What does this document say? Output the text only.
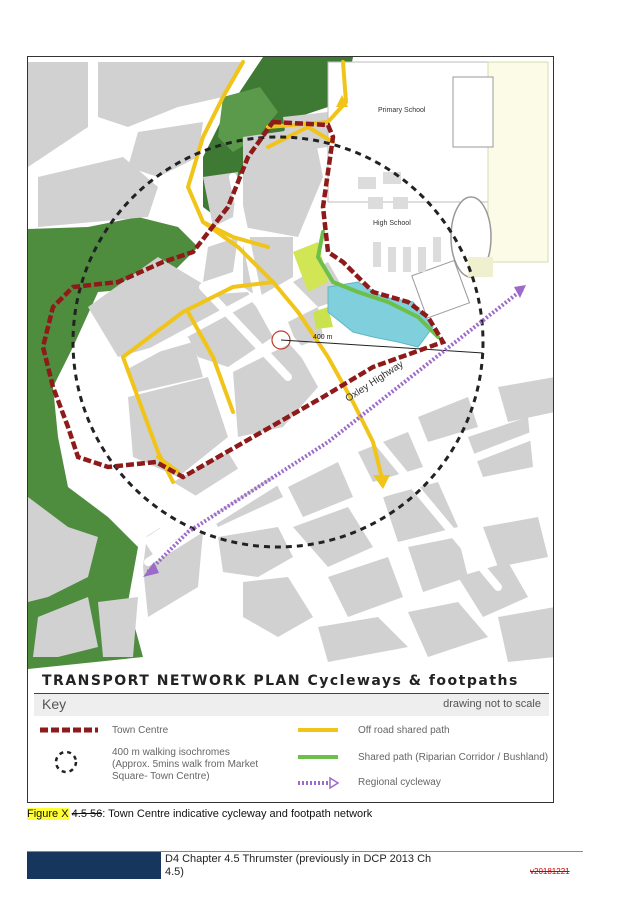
Primary School
High School
400 m
Oxley Highway
TRANSPORT NETWORK PLAN Cycleways & footpaths
Key	drawing not to scale
Town Centre
400 m walking isochromes (Approx. 5mins walk from Market Square- Town Centre)
Off road shared path
Shared path (Riparian Corridor / Bushland)
Regional cycleway
Figure X 4.5 56: Town Centre indicative cycleway and footpath network
D4 Chapter 4.5 Thrumster (previously in DCP 2013 Ch
4.5)	v20181221
